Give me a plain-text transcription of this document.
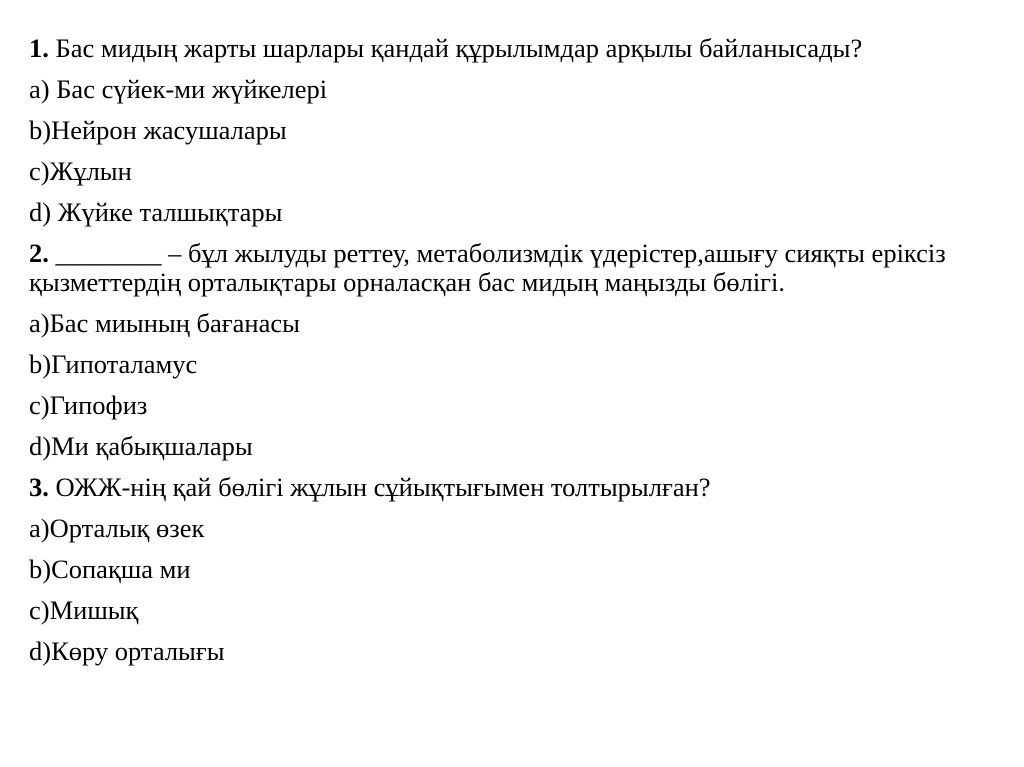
1. Бас мидың жарты шарлары қандай құрылымдар арқылы байланысады?
a) Бас сүйек-ми жүйкелері
b)Нейрон жасушалары
c)Жұлын
d) Жүйке талшықтары
2. ________ – бұл жылуды реттеу, метаболизмдік үдерістер,ашығу сияқты еріксіз қызметтердің орталықтары орналасқан бас мидың маңызды бөлігі.
a)Бас миының бағанасы
b)Гипоталамус
c)Гипофиз
d)Ми қабықшалары
3. ОЖЖ-нің қай бөлігі жұлын сұйықтығымен толтырылған?
a)Орталық өзек
b)Сопақша ми
c)Мишық
d)Көру орталығы
